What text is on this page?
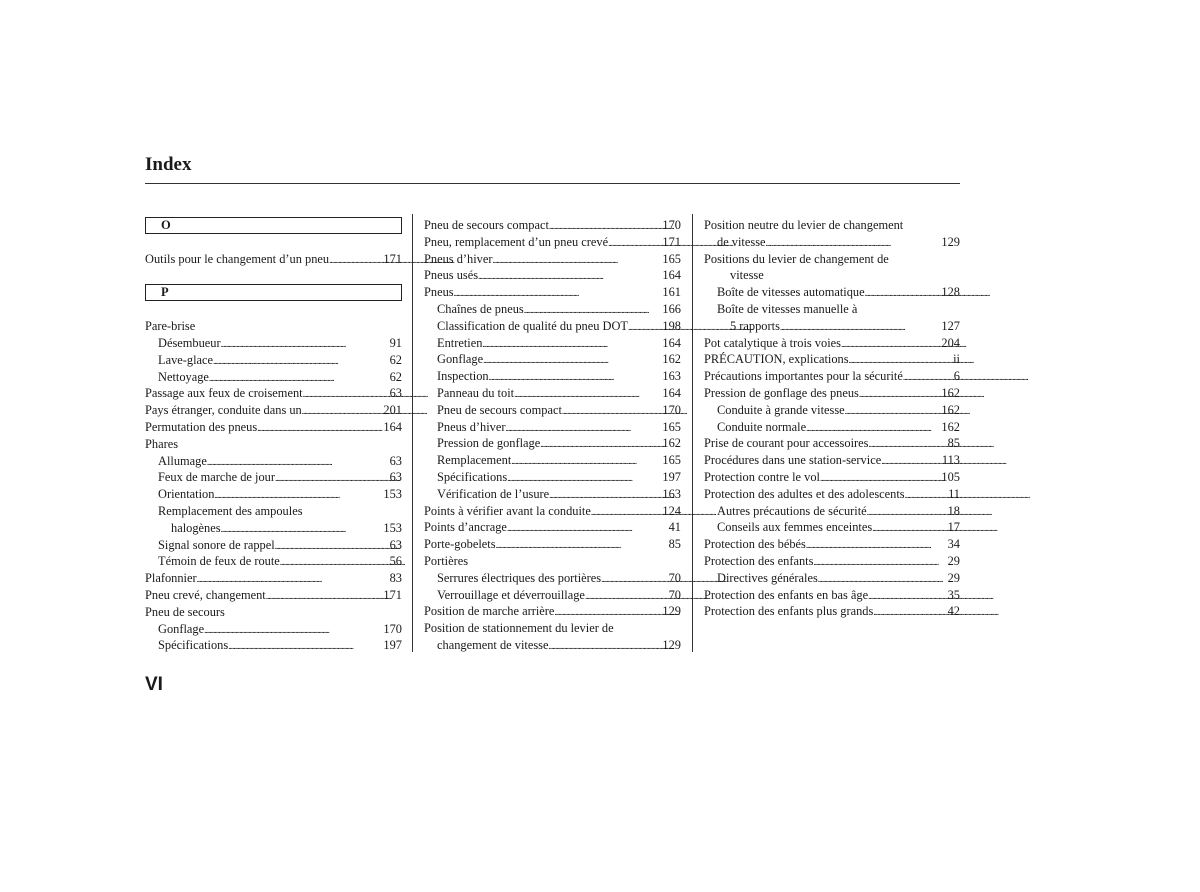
Index
O
Outils pour le changement d’un pneu . . .	171
P
Pare-brise
Désembueur . . .	91
Lave-glace . . .	62
Nettoyage . . .	62
Passage aux feux de croisement . . .	63
Pays étranger, conduite dans un . . .	201
Permutation des pneus . . .	164
Phares
Allumage . . .	63
Feux de marche de jour . . .	63
Orientation . . .	153
Remplacement des ampoules
halogènes . . .	153
Signal sonore de rappel . . .	63
Témoin de feux de route . . .	56
Plafonnier . . .	83
Pneu crevé, changement . . .	171
Pneu de secours
Gonflage . . .	170
Spécifications . . .	197
Pneu de secours compact . . .	170
Pneu, remplacement d’un pneu crevé . . .	171
Pneus d’hiver . . .	165
Pneus usés . . .	164
Pneus . . .	161
Chaînes de pneus . . .	166
Classification de qualité du pneu DOT . . .	198
Entretien . . .	164
Gonflage . . .	162
Inspection . . .	163
Panneau du toit . . .	164
Pneu de secours compact . . .	170
Pneus d’hiver . . .	165
Pression de gonflage . . .	162
Remplacement . . .	165
Spécifications . . .	197
Vérification de l’usure . . .	163
Points à vérifier avant la conduite . . .	124
Points d’ancrage . . .	41
Porte-gobelets . . .	85
Portières
Serrures électriques des portières . . .	70
Verrouillage et déverrouillage . . .	70
Position de marche arrière . . .	129
Position de stationnement du levier de
changement de vitesse . . .	129
Position neutre du levier de changement
de vitesse . . .	129
Positions du levier de changement de
vitesse
Boîte de vitesses automatique . . .	128
Boîte de vitesses manuelle à
5 rapports . . .	127
Pot catalytique à trois voies . . .	204
PRÉCAUTION, explications . . .	ii
Précautions importantes pour la sécurité . . .	6
Pression de gonflage des pneus . . .	162
Conduite à grande vitesse . . .	162
Conduite normale . . .	162
Prise de courant pour accessoires . . .	85
Procédures dans une station-service . . .	113
Protection contre le vol . . .	105
Protection des adultes et des adolescents . . .	11
Autres précautions de sécurité . . .	18
Conseils aux femmes enceintes . . .	17
Protection des bébés . . .	34
Protection des enfants . . .	29
Directives générales . . .	29
Protection des enfants en bas âge . . .	35
Protection des enfants plus grands . . .	42
VI
